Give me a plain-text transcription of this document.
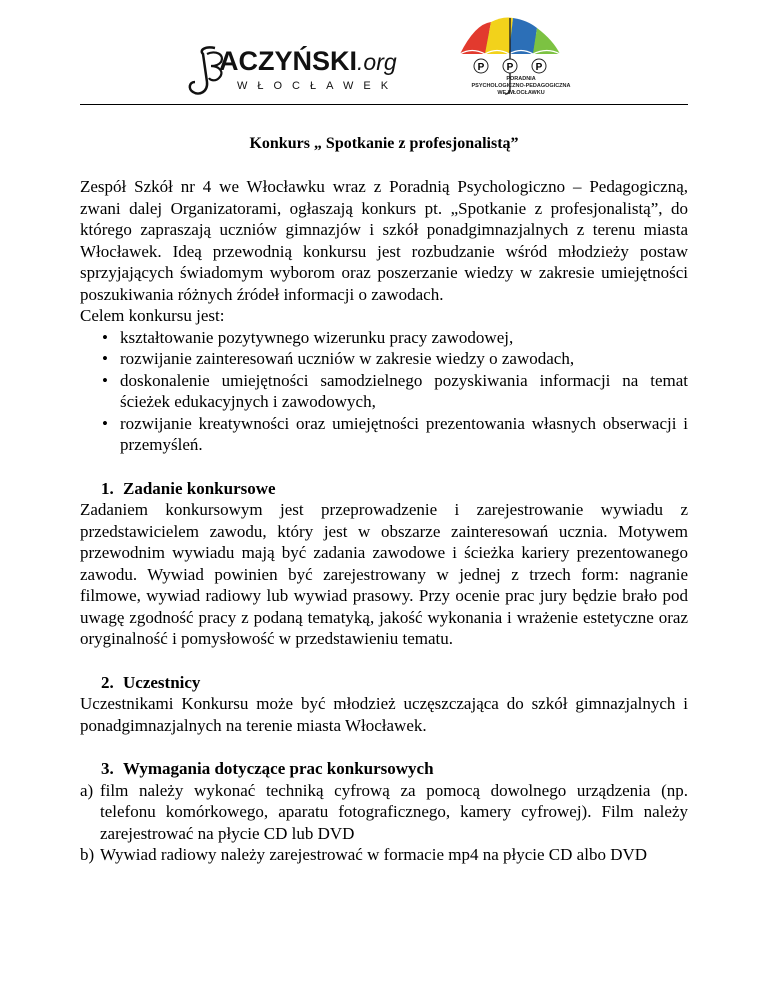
ACZYŃSKI.org
WŁOCŁAWEK
P P P
PORADNIA
PSYCHOLOGICZNO-PEDAGOGICZNA
WE WŁOCŁAWKU
Konkurs „ Spotkanie z profesjonalistą”

Zespół Szkół nr 4 we Włocławku wraz z Poradnią Psychologiczno – Pedagogiczną, zwani dalej Organizatorami, ogłaszają konkurs pt. „Spotkanie z profesjonalistą”, do którego zapraszają uczniów gimnazjów i szkół ponadgimnazjalnych z terenu miasta Włocławek. Ideą przewodnią konkursu jest rozbudzanie wśród młodzieży postaw sprzyjających świadomym wyborom oraz poszerzanie wiedzy w zakresie umiejętności poszukiwania różnych źródeł informacji o zawodach.

Celem konkursu jest:

• kształtowanie pozytywnego wizerunku pracy zawodowej,
• rozwijanie zainteresowań uczniów w zakresie wiedzy o zawodach,
• doskonalenie umiejętności samodzielnego pozyskiwania informacji na temat ścieżek edukacyjnych i zawodowych,
• rozwijanie kreatywności oraz umiejętności prezentowania własnych obserwacji i przemyśleń.
1. Zadanie konkursowe

Zadaniem konkursowym jest przeprowadzenie i zarejestrowanie wywiadu z przedstawicielem zawodu, który jest w obszarze zainteresowań ucznia. Motywem przewodnim wywiadu mają być zadania zawodowe i ścieżka kariery prezentowanego zawodu. Wywiad powinien być zarejestrowany w jednej z trzech form: nagranie filmowe, wywiad radiowy lub wywiad prasowy. Przy ocenie prac jury będzie brało pod uwagę zgodność pracy z podaną tematyką, jakość wykonania i wrażenie estetyczne oraz oryginalność i pomysłowość w przedstawieniu tematu.

2. Uczestnicy

Uczestnikami Konkursu może być młodzież uczęszczająca do szkół gimnazjalnych i ponadgimnazjalnych na terenie miasta Włocławek.

3. Wymagania dotyczące prac konkursowych
a) film należy wykonać techniką cyfrową za pomocą dowolnego urządzenia (np. telefonu komórkowego, aparatu fotograficznego, kamery cyfrowej). Film należy zarejestrować na płycie CD lub DVD
b) Wywiad radiowy należy zarejestrować w formacie mp4 na płycie CD albo DVD
